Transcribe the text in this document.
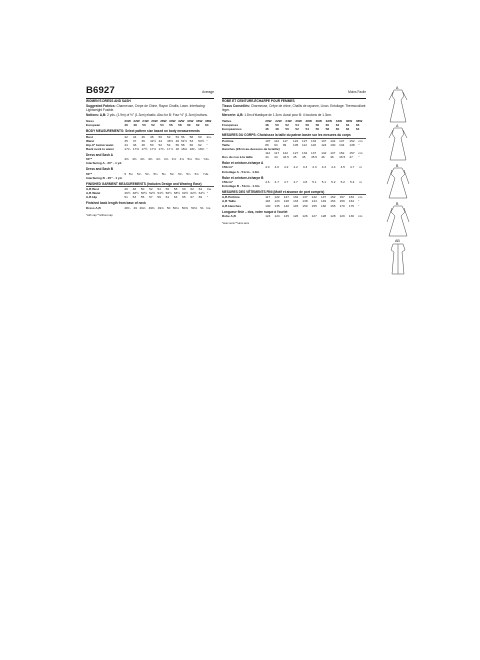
B6927	Average
WOMEN'S DRESS AND SASH
Suggested Fabrics: Charmeuse, Crepe de Chine, Rayon Challis, Lawn. Interfacing: Lightweight Fusible.
Notions: A,B: 2 yds. (1.9m) of ½" (1.3cm) elastic. Also for B: Four ½" (1.3cm) buttons.
Sizes	20W	22W	24W	26W	28W	30W	32W	34W	36W	38W
European	46	48	50	52	54	56	58	60	62	64
BODY MEASUREMENTS: Select pattern size based on body measurements
Bust	42	44	46	48	50	52	54	56	58	60	Ins.
Waist	35	37	39	41½	44	46½	49	51½	53	54½	"
Hip-9" below waist	44	46	48	50	52	54	56	58	60	62	"
Back neck to waist	17¼	17⅜	17½	17⅝	17¾	17⅞	18	18⅛	18¼	18⅜	"
Dress and Sash A
60"*	4⅜	4⅜	4⅜	4⅜	4⅝	4⅝	4⅝	4⅝	5⅛	5⅛	Yds.
Interfacing A - 20" - 1 yd.
Dress and Sash B
60"*	5	5¼	5¼	5¼	5¼	5¼	5¼	5¼	5¾	5¾	Yds.
Interfacing B - 20" - 1 yd.
FINISHED GARMENT MEASUREMENTS (Includes Design and Wearing Ease)
A,B Bust	46	48	50	52	54	56	58	60	62	64	Ins.
A,B Waist	46½	48½	50½	52½	54½	56½	58½	60½	62½	64½	"
A,B Hip	51	53	55	57	59	61	63	65	67	69	"
Finished back length from base of neck
Dress A,B	48¾	49	49⅛	49⅜	49⅝	50	50⅛	50⅜	50⅝	51	Ins.
*with nap **without nap
Moins Facile
ROBE ET CEINTURE-ÉCHARPE POUR FEMMES
Tissus Conseillés: Charmeuse, Crêpe de chine, Challis de rayonne, Linon. Entoilage: Thermocollant léger.
Mercerie: A,B: 1.8m d'élastique de 1.3cm. Aussi pour B: 4 boutons de 1.3cm.
Tailles	20W	22W	24W	26W	28W	30W	32W	34W	36W	38W
Françaises	48	50	52	54	56	58	60	62	64	66
Européennes	46	48	50	52	54	56	58	60	62	64
MESURES DU CORPS: Choisissez la taille du patron basée sur les mesures du corps
Poitrine	107	112	117	122	127	132	137	142	147	152	cm
Taille	89	94	99	105	112	118	124	130	134	138	"
Hanches (23cm au-dessous de la taille)											
	112	117	122	127	132	137	142	147	152	157	cm
Dos du cou à la taille	44	44	44.5	45	45	45.5	46	46	46.5	47	"
Robe et ceinture-écharpe A
150cm*	4.0	4.0	4.2	4.2	4.3	4.3	4.3	4.4	4.5	4.7	m
Entoilage A - 51cm - 1.0m
Robe et ceinture-écharpe B
150cm*	4.6	4.7	4.7	4.7	4.8	5.1	5.1	5.2	5.2	5.4	m
Entoilage B - 51cm - 1.0m
MESURES DES VÊTEMENTS FINI (Motif et aisance de port compris)
A,B Poitrine	117	122	127	132	137	142	147	152	157	163	cm
A,B Taille	118	123	128	133	138	144	149	154	159	164	"
A,B Hanches	130	135	140	145	150	155	160	165	170	175	"
Longueur finie – dos, votre nuque à l'ourlet
Robe A,B	124	124	125	126	126	127	128	128	129	130	cm
*avec sens **sans sens
A
A
B
B
AB
